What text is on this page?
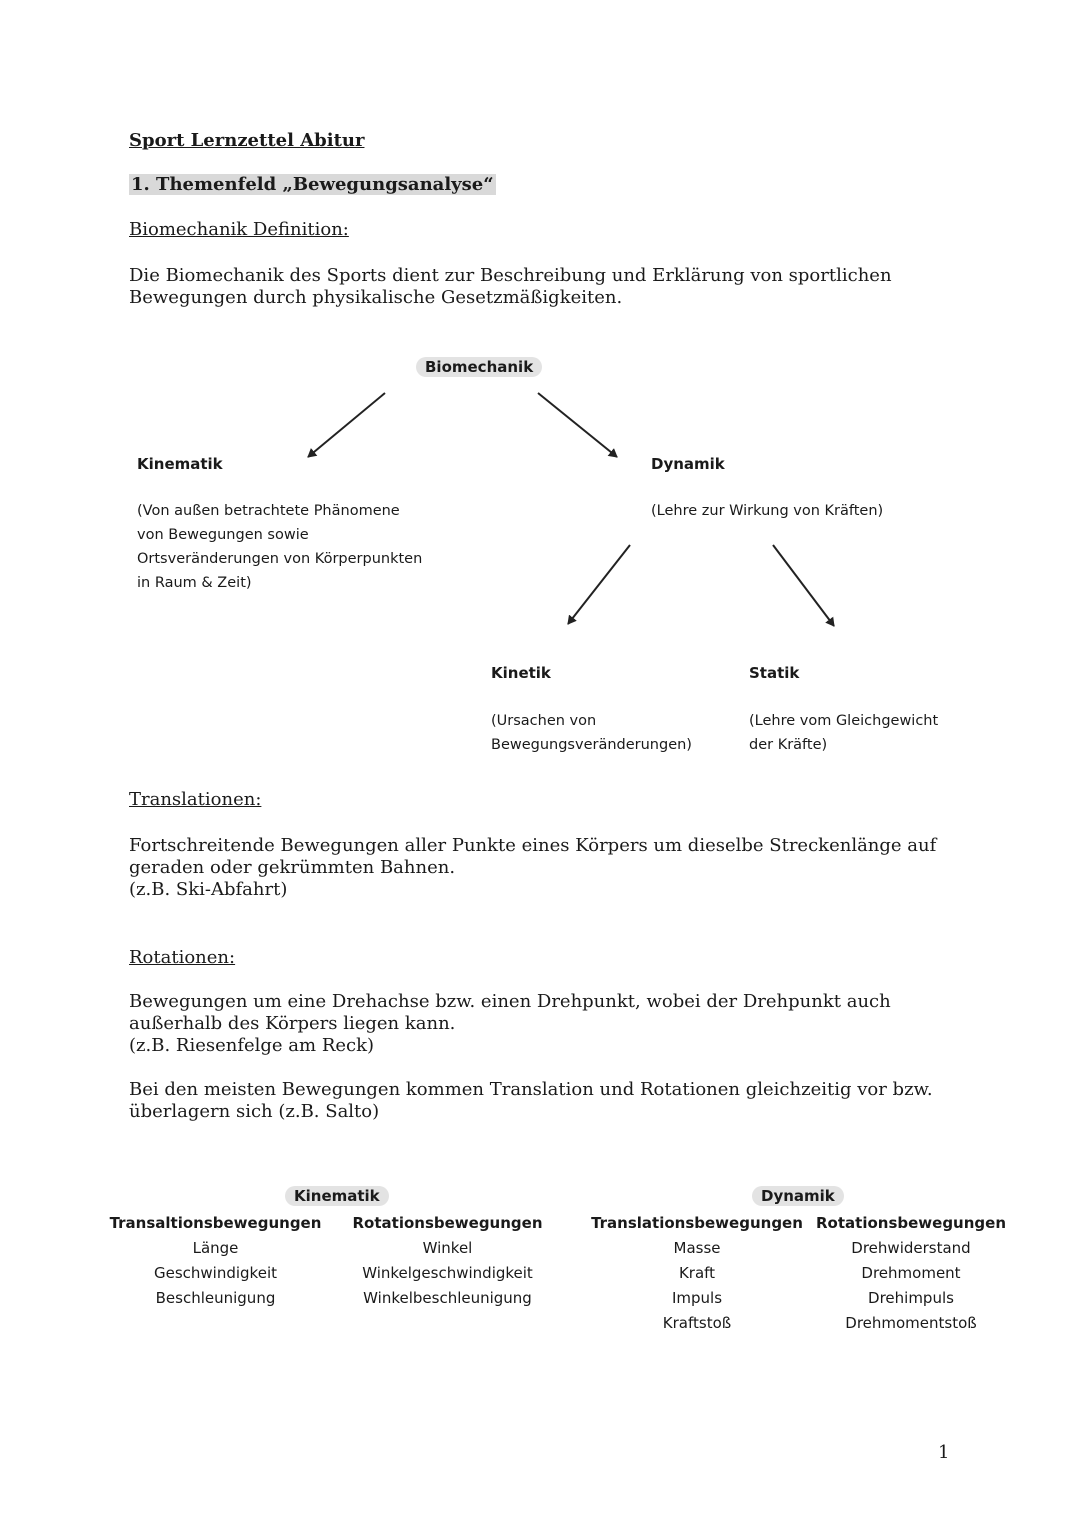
Sport Lernzettel Abitur
1. Themenfeld „Bewegungsanalyse“
Biomechanik Definition:
Die Biomechanik des Sports dient zur Beschreibung und Erklärung von sportlichen Bewegungen durch physikalische Gesetzmäßigkeiten.
Biomechanik
Kinematik
(Von außen betrachtete Phänomene von Bewegungen sowie Ortsveränderungen von Körperpunkten in Raum & Zeit)
Dynamik
(Lehre zur Wirkung von Kräften)
Kinetik
(Ursachen von Bewegungsveränderungen)
Statik
(Lehre vom Gleichgewicht der Kräfte)
Translationen:
Fortschreitende Bewegungen aller Punkte eines Körpers um dieselbe Streckenlänge auf geraden oder gekrümmten Bahnen.
(z.B. Ski-Abfahrt)
Rotationen:
Bewegungen um eine Drehachse bzw. einen Drehpunkt, wobei der Drehpunkt auch außerhalb des Körpers liegen kann.
(z.B. Riesenfelge am Reck)
Bei den meisten Bewegungen kommen Translation und Rotationen gleichzeitig vor bzw. überlagern sich (z.B. Salto)
Kinematik	Dynamik
Transaltionsbewegungen
Länge
Geschwindigkeit
Beschleunigung
Rotationsbewegungen
Winkel
Winkelgeschwindigkeit
Winkelbeschleunigung
Translationsbewegungen
Masse
Kraft
Impuls
Kraftstoß
Rotationsbewegungen
Drehwiderstand
Drehmoment
Drehimpuls
Drehmomentstoß
1
